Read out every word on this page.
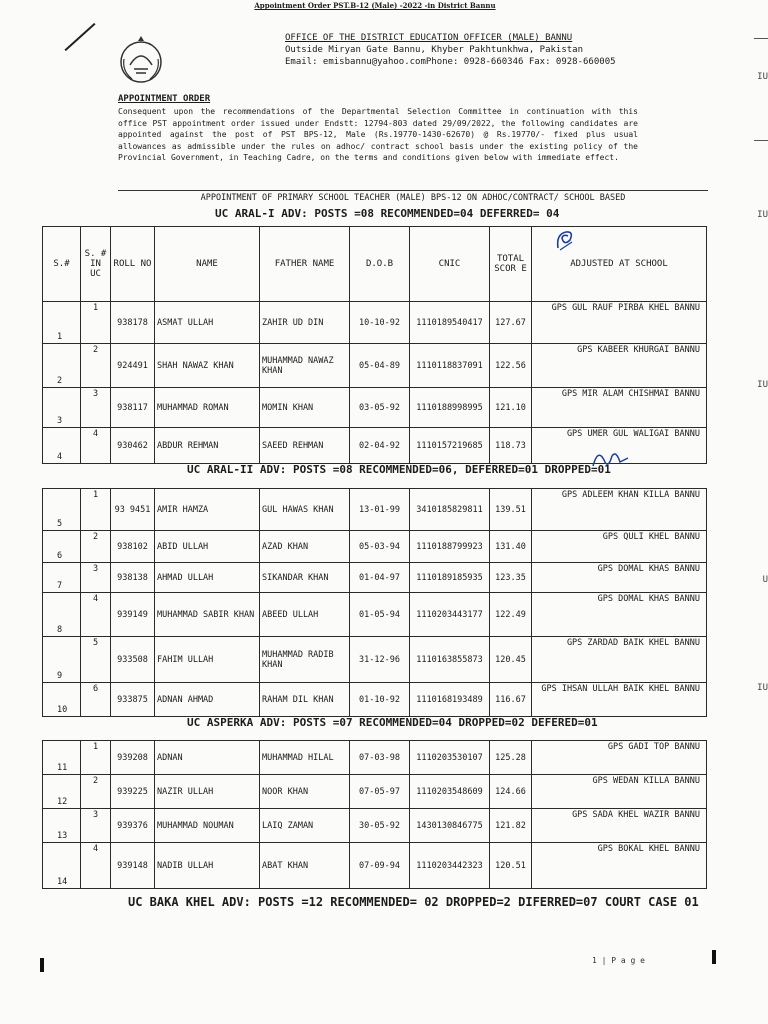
Appointment Order PST.B-12 (Male) -2022 -in District Bannu
OFFICE OF THE DISTRICT EDUCATION OFFICER (MALE) BANNU
Outside Miryan Gate Bannu, Khyber Pakhtunkhwa, Pakistan
Email: emisbannu@yahoo.comPhone: 0928-660346 Fax: 0928-660005
IU
IU
IU
U
IU
APPOINTMENT ORDER
Consequent upon the recommendations of the Departmental Selection Committee in continuation with this office PST appointment order issued under Endstt: 12794-803 dated 29/09/2022, the following candidates are appointed against the post of PST BPS-12, Male (Rs.19770-1430-62670) @ Rs.19770/- fixed plus usual allowances as admissible under the rules on adhoc/ contract school basis under the existing policy of the Provincial Government, in Teaching Cadre, on the terms and conditions given below with immediate effect.
APPOINTMENT OF PRIMARY SCHOOL TEACHER (MALE) BPS-12 ON ADHOC/CONTRACT/ SCHOOL BASED
UC ARAL-I ADV: POSTS =08 RECOMMENDED=04 DEFERRED= 04
S.#	S. # IN UC	ROLL NO	NAME	FATHER NAME	D.O.B	CNIC	TOTAL SCOR E	ADJUSTED AT SCHOOL
1	1	938178	ASMAT ULLAH	ZAHIR UD DIN	10-10-92	1110189540417	127.67	GPS GUL RAUF PIRBA KHEL BANNU
2	2	924491	SHAH NAWAZ KHAN	MUHAMMAD NAWAZ KHAN	05-04-89	1110118837091	122.56	GPS KABEER KHURGAI BANNU
3	3	938117	MUHAMMAD ROMAN	MOMIN KHAN	03-05-92	1110188998995	121.10	GPS MIR ALAM CHISHMAI BANNU
4	4	930462	ABDUR REHMAN	SAEED REHMAN	02-04-92	1110157219685	118.73	GPS UMER GUL WALIGAI BANNU
UC ARAL-II ADV: POSTS =08 RECOMMENDED=06, DEFERRED=01 DROPPED=01
5	1	93 9451	AMIR HAMZA	GUL HAWAS KHAN	13-01-99	3410185829811	139.51	GPS ADLEEM KHAN KILLA BANNU
6	2	938102	ABID ULLAH	AZAD KHAN	05-03-94	1110188799923	131.40	GPS QULI KHEL BANNU
7	3	938138	AHMAD ULLAH	SIKANDAR KHAN	01-04-97	1110189185935	123.35	GPS DOMAL KHAS BANNU
8	4	939149	MUHAMMAD SABIR KHAN	ABEED ULLAH	01-05-94	1110203443177	122.49	GPS DOMAL KHAS BANNU
9	5	933508	FAHIM ULLAH	MUHAMMAD RADIB KHAN	31-12-96	1110163855873	120.45	GPS ZARDAD BAIK KHEL BANNU
10	6	933875	ADNAN AHMAD	RAHAM DIL KHAN	01-10-92	1110168193489	116.67	GPS IHSAN ULLAH BAIK KHEL BANNU
UC ASPERKA ADV: POSTS =07 RECOMMENDED=04 DROPPED=02 DEFERED=01
11	1	939208	ADNAN	MUHAMMAD HILAL	07-03-98	1110203530107	125.28	GPS GADI TOP BANNU
12	2	939225	NAZIR ULLAH	NOOR KHAN	07-05-97	1110203548609	124.66	GPS WEDAN KILLA BANNU
13	3	939376	MUHAMMAD NOUMAN	LAIQ ZAMAN	30-05-92	1430130846775	121.82	GPS SADA KHEL WAZIR BANNU
14	4	939148	NADIB ULLAH	ABAT KHAN	07-09-94	1110203442323	120.51	GPS BOKAL KHEL BANNU
UC BAKA KHEL ADV: POSTS =12 RECOMMENDED= 02 DROPPED=2 DIFERRED=07 COURT CASE 01
1 | P a g e
